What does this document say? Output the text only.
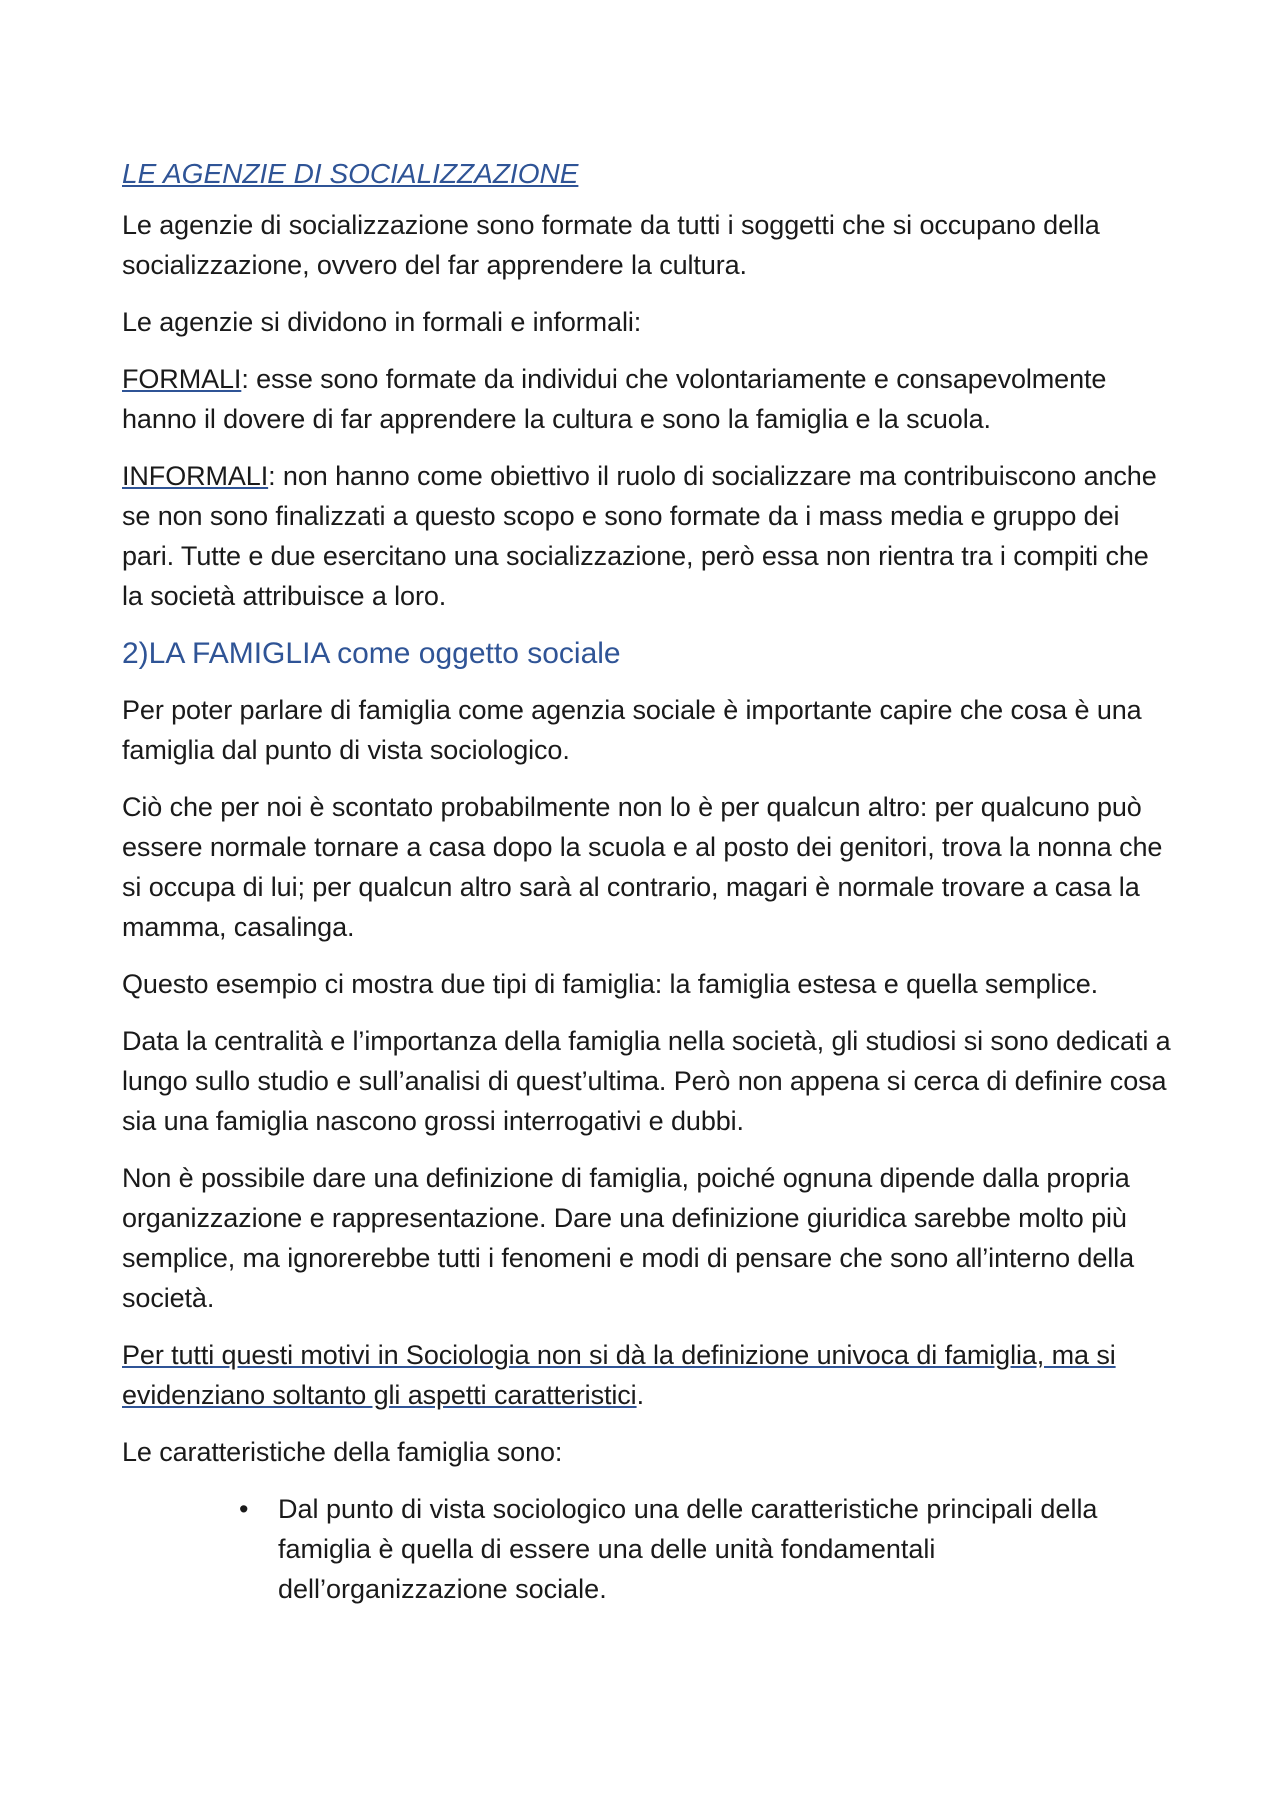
LE AGENZIE DI SOCIALIZZAZIONE

Le agenzie di socializzazione sono formate da tutti i soggetti che si occupano della socializzazione, ovvero del far apprendere la cultura.

Le agenzie si dividono in formali e informali:

FORMALI: esse sono formate da individui che volontariamente e consapevolmente hanno il dovere di far apprendere la cultura e sono la famiglia e la scuola.

INFORMALI: non hanno come obiettivo il ruolo di socializzare ma contribuiscono anche se non sono finalizzati a questo scopo e sono formate da i mass media e gruppo dei pari. Tutte e due esercitano una socializzazione, però essa non rientra tra i compiti che la società attribuisce a loro.

2)LA FAMIGLIA come oggetto sociale

Per poter parlare di famiglia come agenzia sociale è importante capire che cosa è una famiglia dal punto di vista sociologico.

Ciò che per noi è scontato probabilmente non lo è per qualcun altro: per qualcuno può essere normale tornare a casa dopo la scuola e al posto dei genitori, trova la nonna che si occupa di lui; per qualcun altro sarà al contrario, magari è normale trovare a casa la mamma, casalinga.

Questo esempio ci mostra due tipi di famiglia: la famiglia estesa e quella semplice.

Data la centralità e l’importanza della famiglia nella società, gli studiosi si sono dedicati a lungo sullo studio e sull’analisi di quest’ultima. Però non appena si cerca di definire cosa sia una famiglia nascono grossi interrogativi e dubbi.

Non è possibile dare una definizione di famiglia, poiché ognuna dipende dalla propria organizzazione e rappresentazione. Dare una definizione giuridica sarebbe molto più semplice, ma ignorerebbe tutti i fenomeni e modi di pensare che sono all’interno della società.

Per tutti questi motivi in Sociologia non si dà la definizione univoca di famiglia, ma si evidenziano soltanto gli aspetti caratteristici.

Le caratteristiche della famiglia sono:

• Dal punto di vista sociologico una delle caratteristiche principali della famiglia è quella di essere una delle unità fondamentali dell’organizzazione sociale.
